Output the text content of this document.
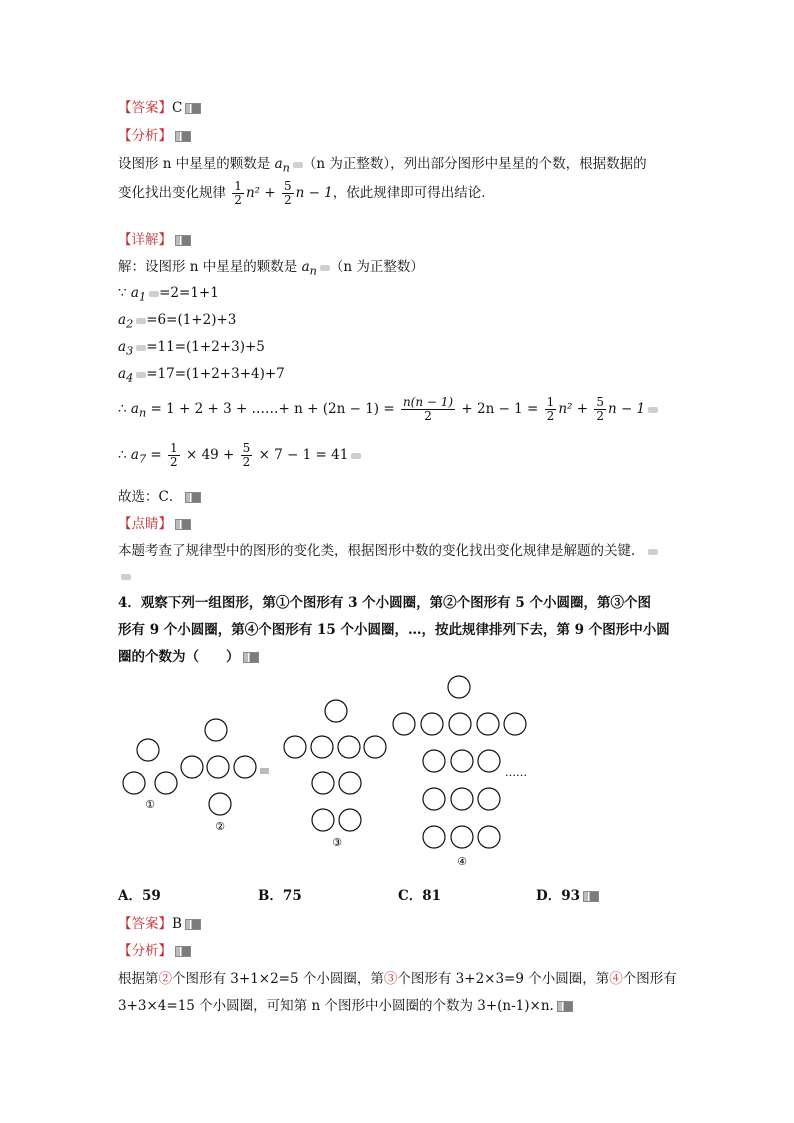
【答案】C
【分析】
设图形 n 中星星的颗数是 $a_n$ （n 为正整数），列出部分图形中星星的个数，根据数据的
变化找出变化规律 $\frac{1}{2} n^2 + \frac{5}{2}$ n − 1，依此规律即可得出结论．
【详解】
解：设图形 n 中星星的颗数是 $a_n$ （n 为正整数）
∵ $a_1 =2=1+1$
$a_2 =6=(1+2)+3$
$a_3 =11=(1+2+3)+5$
$a_4 =17=(1+2+3+4)+7$
∴ $a_n = 1 + 2 + 3$ + ……+ $n + (2n - 1) = \frac{n(n - 1)}{2} + 2n - 1 = \frac{1}{2} n^2 + \frac{5}{2}$ n − 1
∴ $a_7 = \frac{1}{2} \times 49 + \frac{5}{2} \times 7 - 1 = 41$
故选：C．
【点睛】
本题考查了规律型中的图形的变化类，根据图形中数的变化找出变化规律是解题的关键．
4．观察下列一组图形，第①个图形有 3 个小圆圈，第②个图形有 5 个小圆圈，第③个图
形有 9 个小圆圈，第④个图形有 15 个小圆圈，…，按此规律排列下去，第 9 个图形中小圆
圈的个数为（　　）
①
②
③
④
……
A．59	B．75	C．81	D．93
【答案】B
【分析】
根据第②个图形有 3+1×2=5 个小圆圈，第③个图形有 3+2×3=9 个小圆圈，第④个图形有
3+3×4=15 个小圆圈，可知第 n 个图形中小圆圈的个数为 3+(n-1)×n.
